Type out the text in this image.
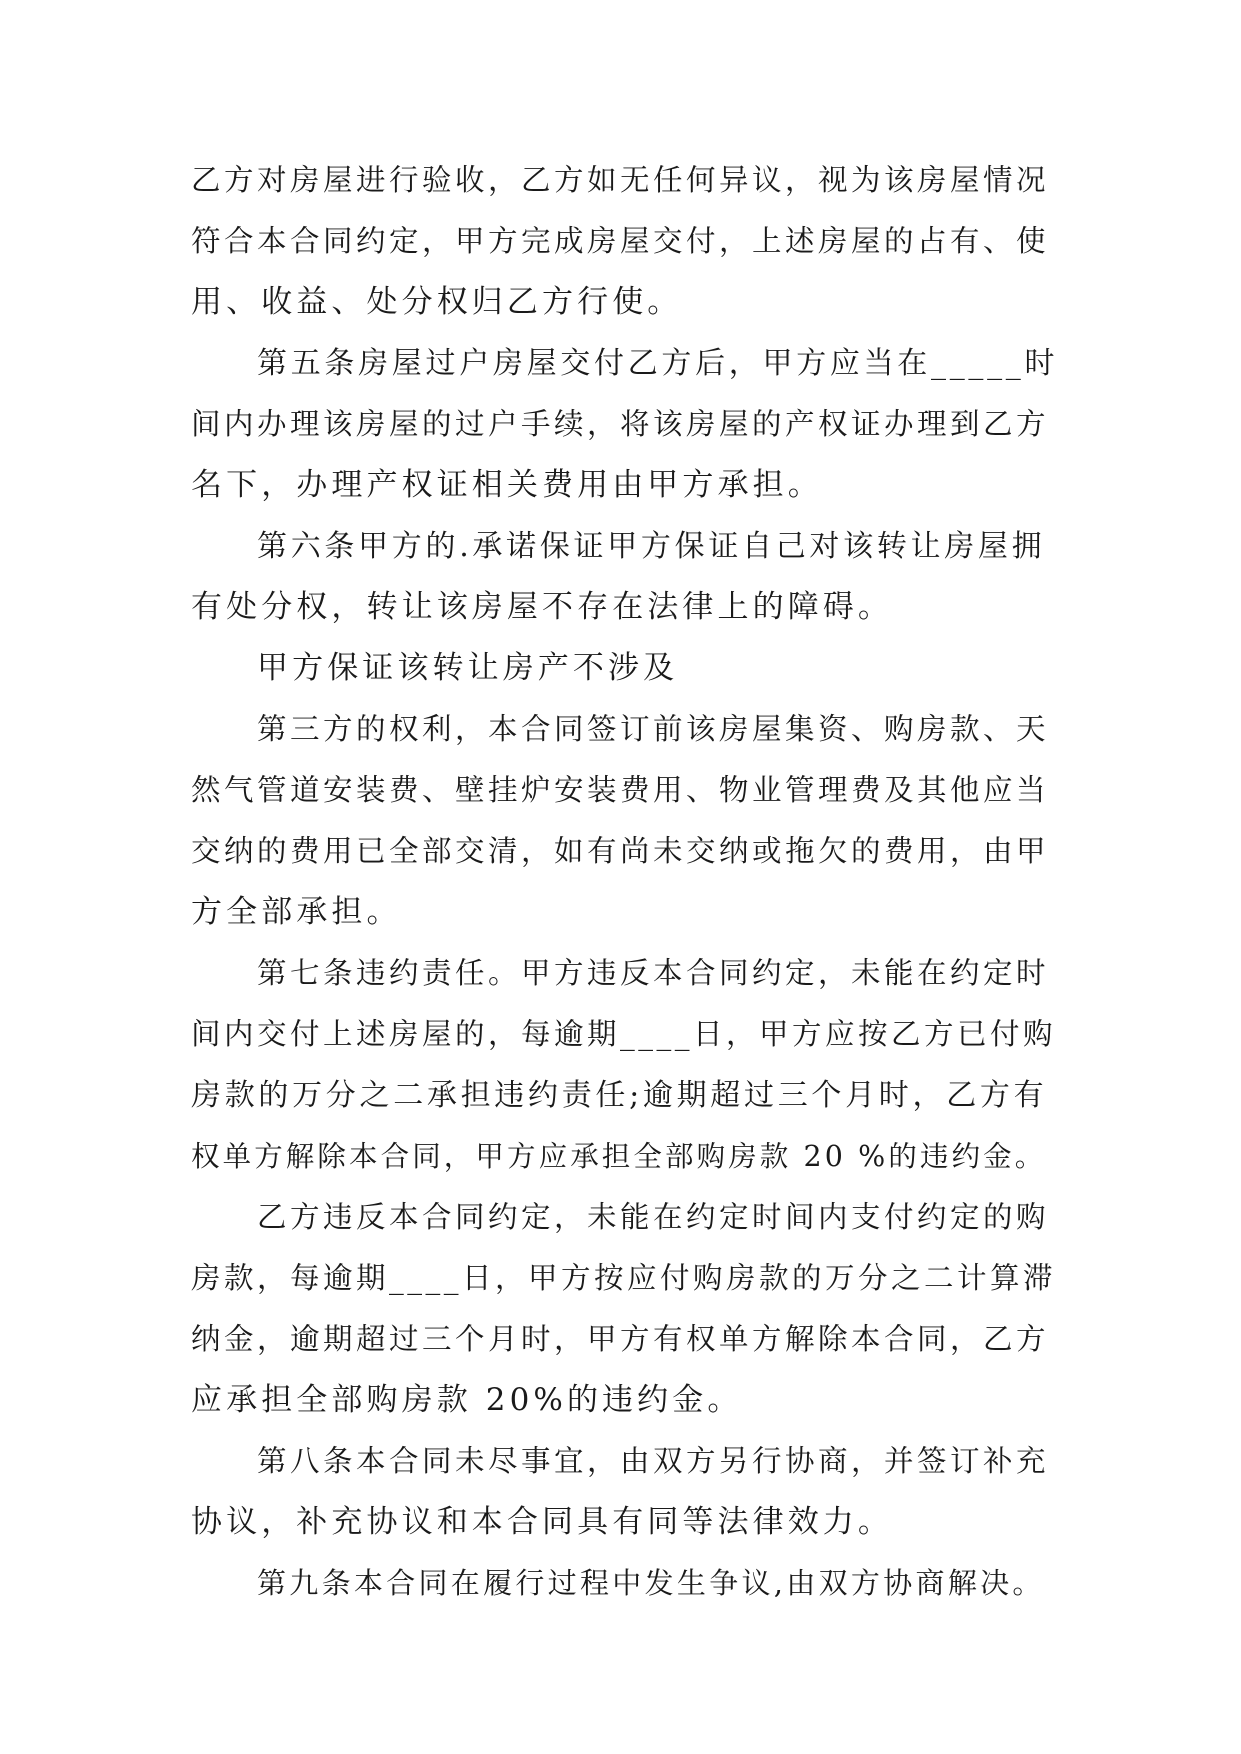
乙方对房屋进行验收，乙方如无任何异议，视为该房屋情况
符合本合同约定，甲方完成房屋交付，上述房屋的占有、使
用、收益、处分权归乙方行使。
第五条房屋过户房屋交付乙方后，甲方应当在_____时
间内办理该房屋的过户手续，将该房屋的产权证办理到乙方
名下，办理产权证相关费用由甲方承担。
第六条甲方的.承诺保证甲方保证自己对该转让房屋拥
有处分权，转让该房屋不存在法律上的障碍。
甲方保证该转让房产不涉及
第三方的权利，本合同签订前该房屋集资、购房款、天
然气管道安装费、壁挂炉安装费用、物业管理费及其他应当
交纳的费用已全部交清，如有尚未交纳或拖欠的费用，由甲
方全部承担。
第七条违约责任。甲方违反本合同约定，未能在约定时
间内交付上述房屋的，每逾期____日，甲方应按乙方已付购
房款的万分之二承担违约责任;逾期超过三个月时，乙方有
权单方解除本合同，甲方应承担全部购房款 20 %的违约金。
乙方违反本合同约定，未能在约定时间内支付约定的购
房款，每逾期____日，甲方按应付购房款的万分之二计算滞
纳金，逾期超过三个月时，甲方有权单方解除本合同，乙方
应承担全部购房款 20%的违约金。
第八条本合同未尽事宜，由双方另行协商，并签订补充
协议，补充协议和本合同具有同等法律效力。
第九条本合同在履行过程中发生争议,由双方协商解决。
